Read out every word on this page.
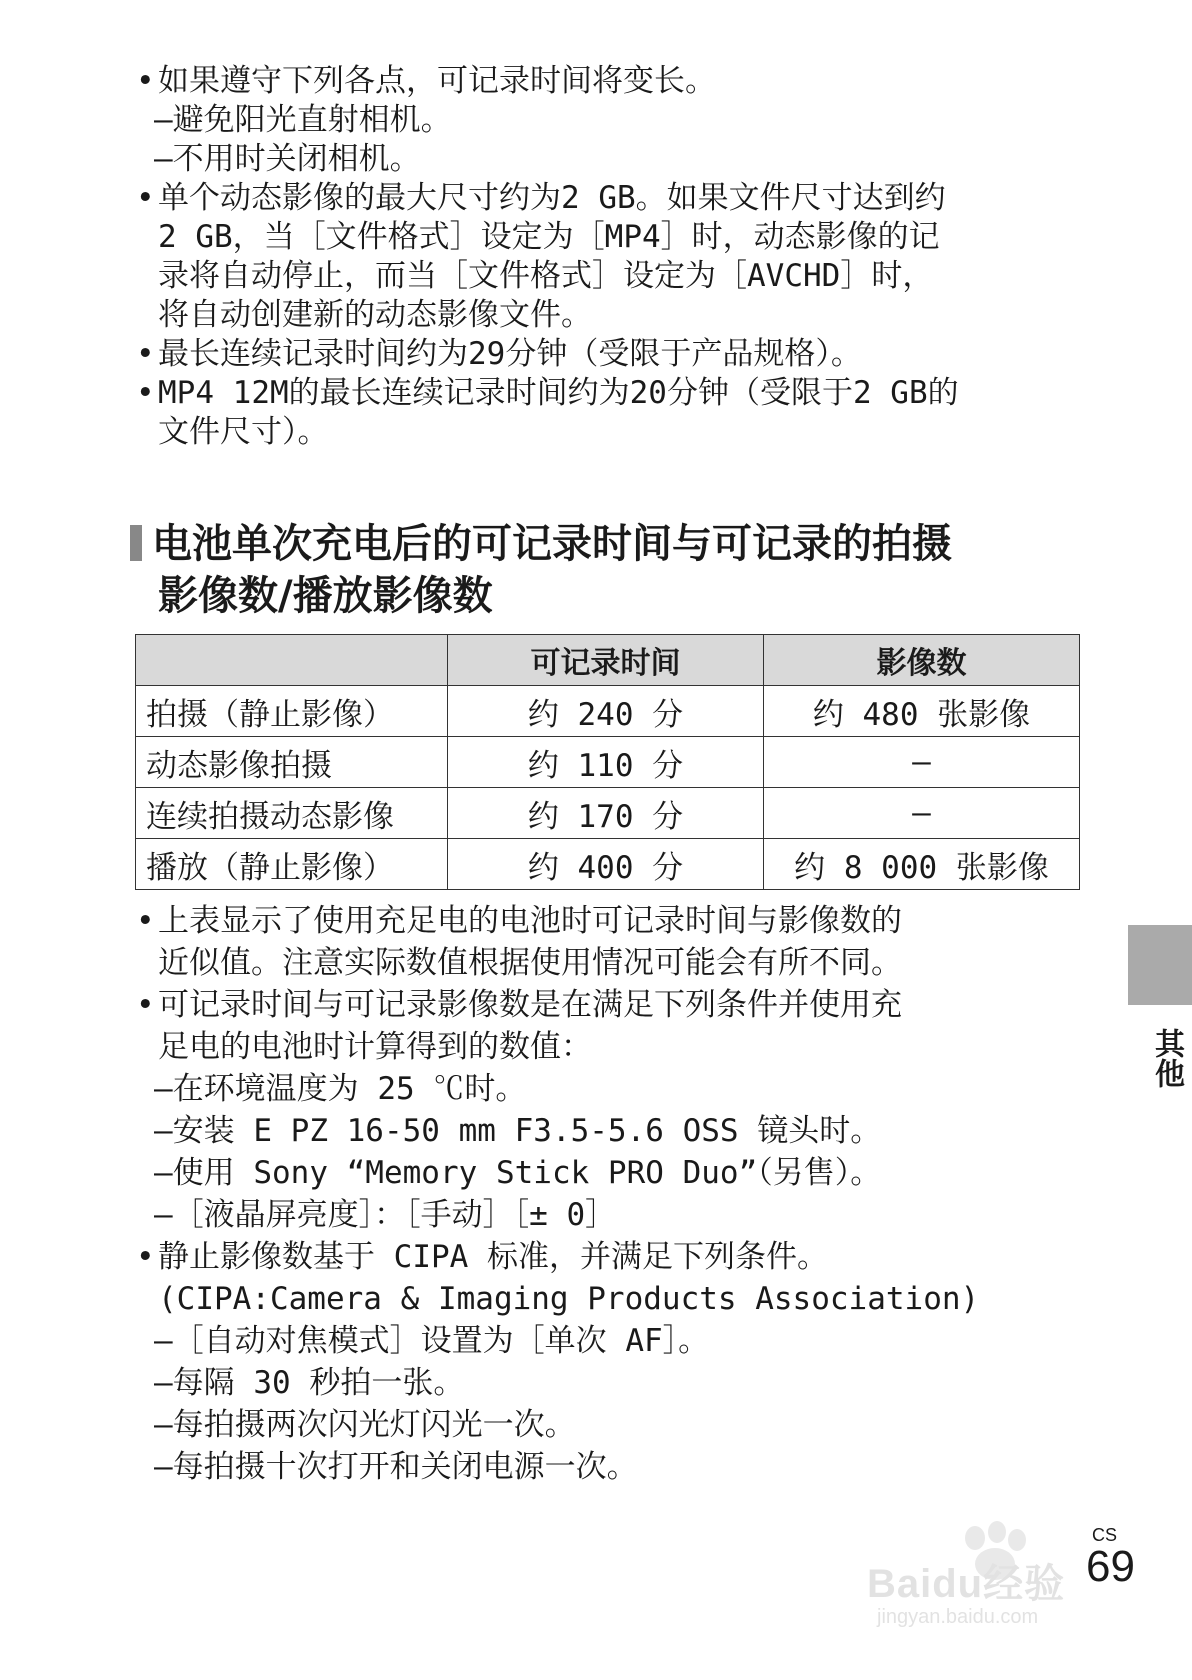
• 如果遵守下列各点，可记录时间将变长。

–避免阳光直射相机。

–不用时关闭相机。

• 单个动态影像的最大尺寸约为2 GB。如果文件尺寸达到约

2 GB，当［文件格式］设定为［MP4］时，动态影像的记

录将自动停止，而当［文件格式］设定为［AVCHD］时，

将自动创建新的动态影像文件。

• 最长连续记录时间约为29分钟（受限于产品规格）。

• MP4 12M的最长连续记录时间约为20分钟（受限于2 GB的

文件尺寸）。

电池单次充电后的可记录时间与可记录的拍摄
影像数/播放影像数
	可记录时间	影像数
拍摄（静止影像）	约 240 分	约 480 张影像
动态影像拍摄	约 110 分	–
连续拍摄动态影像	约 170 分	–
播放（静止影像）	约 400 分	约 8 000 张影像

• 上表显示了使用充足电的电池时可记录时间与影像数的

近似值。注意实际数值根据使用情况可能会有所不同。

• 可记录时间与可记录影像数是在满足下列条件并使用充

足电的电池时计算得到的数值：

–在环境温度为 25 ℃时。

–安装 E PZ 16-50 mm F3.5-5.6 OSS 镜头时。

–使用 Sony “Memory Stick PRO Duo”（另售）。

–［液晶屏亮度］：［手动］［± 0］

• 静止影像数基于 CIPA 标准，并满足下列条件。

(CIPA:Camera & Imaging Products Association)

–［自动对焦模式］设置为［单次 AF］。

–每隔 30 秒拍一张。

–每拍摄两次闪光灯闪光一次。

–每拍摄十次打开和关闭电源一次。

其他
Baidu经验
jingyan.baidu.com
CS
69
